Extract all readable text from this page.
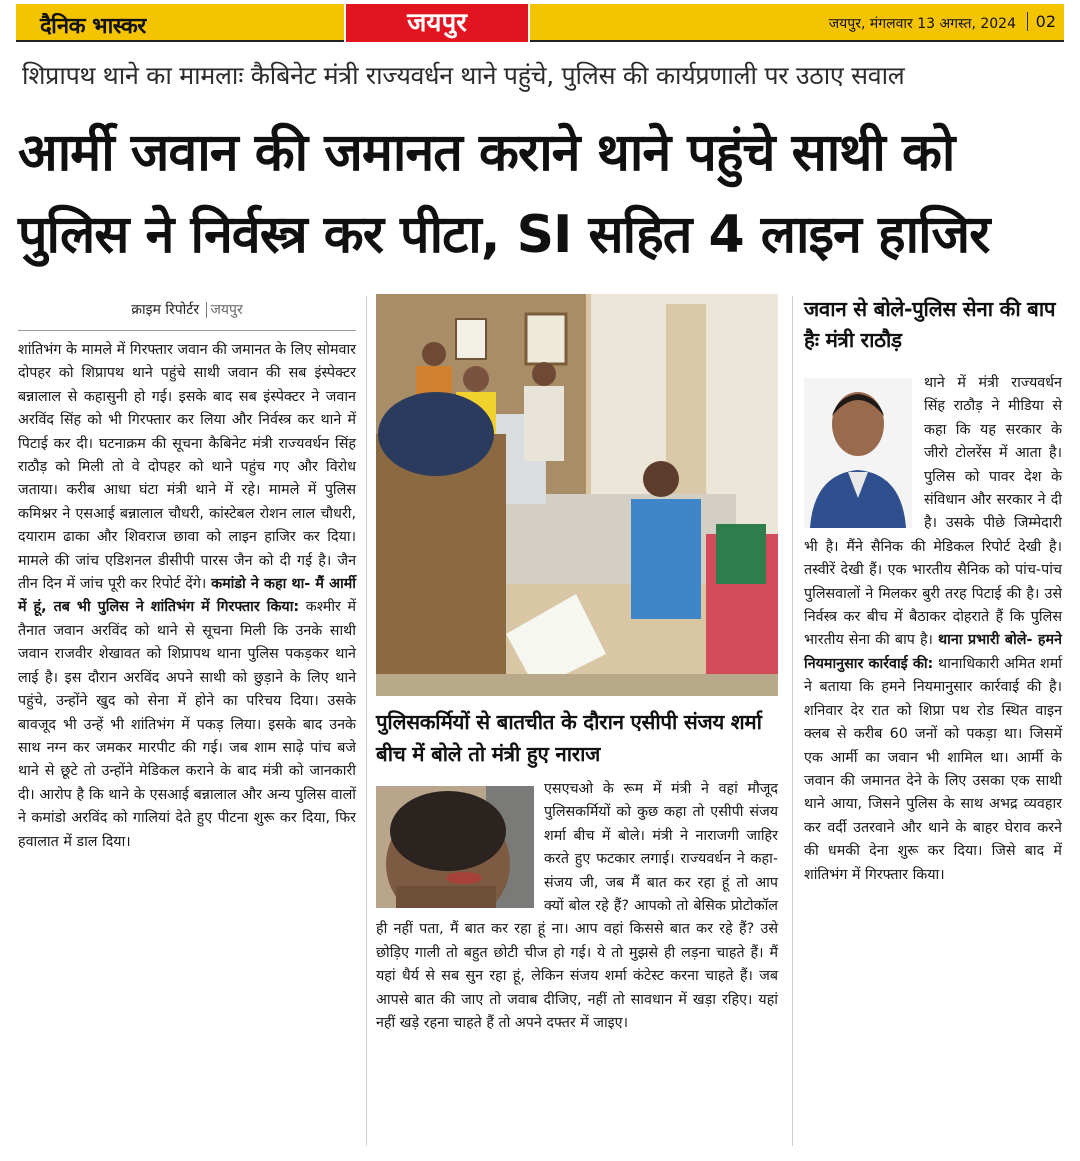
दैनिक भास्कर	जयपुर	जयपुर, मंगलवार 13 अगस्त, 2024	02
शिप्रापथ थाने का मामलाः कैबिनेट मंत्री राज्यवर्धन थाने पहुंचे, पुलिस की कार्यप्रणाली पर उठाए सवाल
आर्मी जवान की जमानत कराने थाने पहुंचे साथी को
पुलिस ने निर्वस्त्र कर पीटा, SI सहित 4 लाइन हाजिर
क्राइम रिपोर्टर जयपुर
शांतिभंग के मामले में गिरफ्तार जवान की जमानत के लिए सोमवार दोपहर को शिप्रापथ थाने पहुंचे साथी जवान की सब इंस्पेक्टर बन्नालाल से कहासुनी हो गई। इसके बाद सब इंस्पेक्टर ने जवान अरविंद सिंह को भी गिरफ्तार कर लिया और निर्वस्त्र कर थाने में पिटाई कर दी। घटनाक्रम की सूचना कैबिनेट मंत्री राज्यवर्धन सिंह राठौड़ को मिली तो वे दोपहर को थाने पहुंच गए और विरोध जताया। करीब आधा घंटा मंत्री थाने में रहे। मामले में पुलिस कमिश्नर ने एसआई बन्नालाल चौधरी, कांस्टेबल रोशन लाल चौधरी, दयाराम ढाका और शिवराज छावा को लाइन हाजिर कर दिया। मामले की जांच एडिशनल डीसीपी पारस जैन को दी गई है। जैन तीन दिन में जांच पूरी कर रिपोर्ट देंगे। कमांडो ने कहा था- मैं आर्मी में हूं, तब भी पुलिस ने शांतिभंग में गिरफ्तार किया: कश्मीर में तैनात जवान अरविंद को थाने से सूचना मिली कि उनके साथी जवान राजवीर शेखावत को शिप्रापथ थाना पुलिस पकड़कर थाने लाई है। इस दौरान अरविंद अपने साथी को छुड़ाने के लिए थाने पहुंचे, उन्होंने खुद को सेना में होने का परिचय दिया। उसके बावजूद भी उन्हें भी शांतिभंग में पकड़ लिया। इसके बाद उनके साथ नग्न कर जमकर मारपीट की गई। जब शाम साढ़े पांच बजे थाने से छूटे तो उन्होंने मेडिकल कराने के बाद मंत्री को जानकारी दी। आरोप है कि थाने के एसआई बन्नालाल और अन्य पुलिस वालों ने कमांडो अरविंद को गालियां देते हुए पीटना शुरू कर दिया, फिर हवालात में डाल दिया।
पुलिसकर्मियों से बातचीत के दौरान एसीपी संजय शर्मा बीच में बोले तो मंत्री हुए नाराज
एसएचओ के रूम में मंत्री ने वहां मौजूद पुलिसकर्मियों को कुछ कहा तो एसीपी संजय शर्मा बीच में बोले। मंत्री ने नाराजगी जाहिर करते हुए फटकार लगाई। राज्यवर्धन ने कहा- संजय जी, जब मैं बात कर रहा हूं तो आप क्यों बोल रहे हैं? आपको तो बेसिक प्रोटोकॉल ही नहीं पता, मैं बात कर रहा हूं ना। आप वहां किससे बात कर रहे हैं? उसे छोड़िए गाली तो बहुत छोटी चीज हो गई। ये तो मुझसे ही लड़ना चाहते हैं। मैं यहां धैर्य से सब सुन रहा हूं, लेकिन संजय शर्मा कंटेस्ट करना चाहते हैं। जब आपसे बात की जाए तो जवाब दीजिए, नहीं तो सावधान में खड़ा रहिए। यहां नहीं खड़े रहना चाहते हैं तो अपने दफ्तर में जाइए।
जवान से बोले-पुलिस सेना की बाप हैः मंत्री राठौड़
थाने में मंत्री राज्यवर्धन सिंह राठौड़ ने मीडिया से कहा कि यह सरकार के जीरो टोलरेंस में आता है। पुलिस को पावर देश के संविधान और सरकार ने दी है। उसके पीछे जिम्मेदारी भी है। मैंने सैनिक की मेडिकल रिपोर्ट देखी है। तस्वीरें देखी हैं। एक भारतीय सैनिक को पांच-पांच पुलिसवालों ने मिलकर बुरी तरह पिटाई की है। उसे निर्वस्त्र कर बीच में बैठाकर दोहराते हैं कि पुलिस भारतीय सेना की बाप है। थाना प्रभारी बोले- हमने नियमानुसार कार्रवाई की: थानाधिकारी अमित शर्मा ने बताया कि हमने नियमानुसार कार्रवाई की है। शनिवार देर रात को शिप्रा पथ रोड स्थित वाइन क्लब से करीब 60 जनों को पकड़ा था। जिसमें एक आर्मी का जवान भी शामिल था। आर्मी के जवान की जमानत देने के लिए उसका एक साथी थाने आया, जिसने पुलिस के साथ अभद्र व्यवहार कर वर्दी उतरवाने और थाने के बाहर घेराव करने की धमकी देना शुरू कर दिया। जिसे बाद में शांतिभंग में गिरफ्तार किया।
